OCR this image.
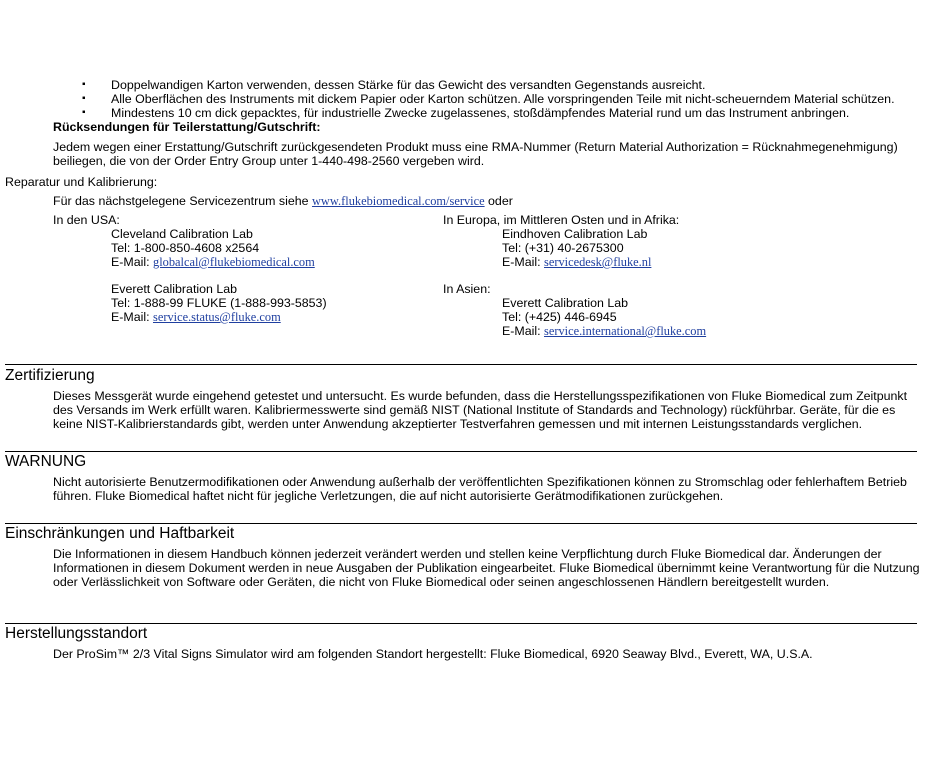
▪	Doppelwandigen Karton verwenden, dessen Stärke für das Gewicht des versandten Gegenstands ausreicht.
▪	Alle Oberflächen des Instruments mit dickem Papier oder Karton schützen. Alle vorspringenden Teile mit nicht-scheuerndem Material schützen.
▪	Mindestens 10 cm dick gepacktes, für industrielle Zwecke zugelassenes, stoßdämpfendes Material rund um das Instrument anbringen.
Rücksendungen für Teilerstattung/Gutschrift:
Jedem wegen einer Erstattung/Gutschrift zurückgesendeten Produkt muss eine RMA-Nummer (Return Material Authorization = Rücknahmegenehmigung) beiliegen, die von der Order Entry Group unter 1-440-498-2560 vergeben wird.
Reparatur und Kalibrierung:
Für das nächstgelegene Servicezentrum siehe www.flukebiomedical.com/service oder
In den USA:
Cleveland Calibration Lab
Tel: 1-800-850-4608 x2564
E-Mail: globalcal@flukebiomedical.com
Everett Calibration Lab
Tel: 1-888-99 FLUKE (1-888-993-5853)
E-Mail: service.status@fluke.com
In Europa, im Mittleren Osten und in Afrika:
Eindhoven Calibration Lab
Tel: (+31) 40-2675300
E-Mail: servicedesk@fluke.nl
In Asien:
Everett Calibration Lab
Tel: (+425) 446-6945
E-Mail: service.international@fluke.com
Zertifizierung
Dieses Messgerät wurde eingehend getestet und untersucht. Es wurde befunden, dass die Herstellungsspezifikationen von Fluke Biomedical zum Zeitpunkt des Versands im Werk erfüllt waren. Kalibriermesswerte sind gemäß NIST (National Institute of Standards and Technology) rückführbar. Geräte, für die es keine NIST-Kalibrierstandards gibt, werden unter Anwendung akzeptierter Testverfahren gemessen und mit internen Leistungsstandards verglichen.
WARNUNG
Nicht autorisierte Benutzermodifikationen oder Anwendung außerhalb der veröffentlichten Spezifikationen können zu Stromschlag oder fehlerhaftem Betrieb führen. Fluke Biomedical haftet nicht für jegliche Verletzungen, die auf nicht autorisierte Gerätmodifikationen zurückgehen.
Einschränkungen und Haftbarkeit
Die Informationen in diesem Handbuch können jederzeit verändert werden und stellen keine Verpflichtung durch Fluke Biomedical dar. Änderungen der Informationen in diesem Dokument werden in neue Ausgaben der Publikation eingearbeitet. Fluke Biomedical übernimmt keine Verantwortung für die Nutzung oder Verlässlichkeit von Software oder Geräten, die nicht von Fluke Biomedical oder seinen angeschlossenen Händlern bereitgestellt wurden.
Herstellungsstandort
Der ProSim™ 2/3 Vital Signs Simulator wird am folgenden Standort hergestellt: Fluke Biomedical, 6920 Seaway Blvd., Everett, WA, U.S.A.
